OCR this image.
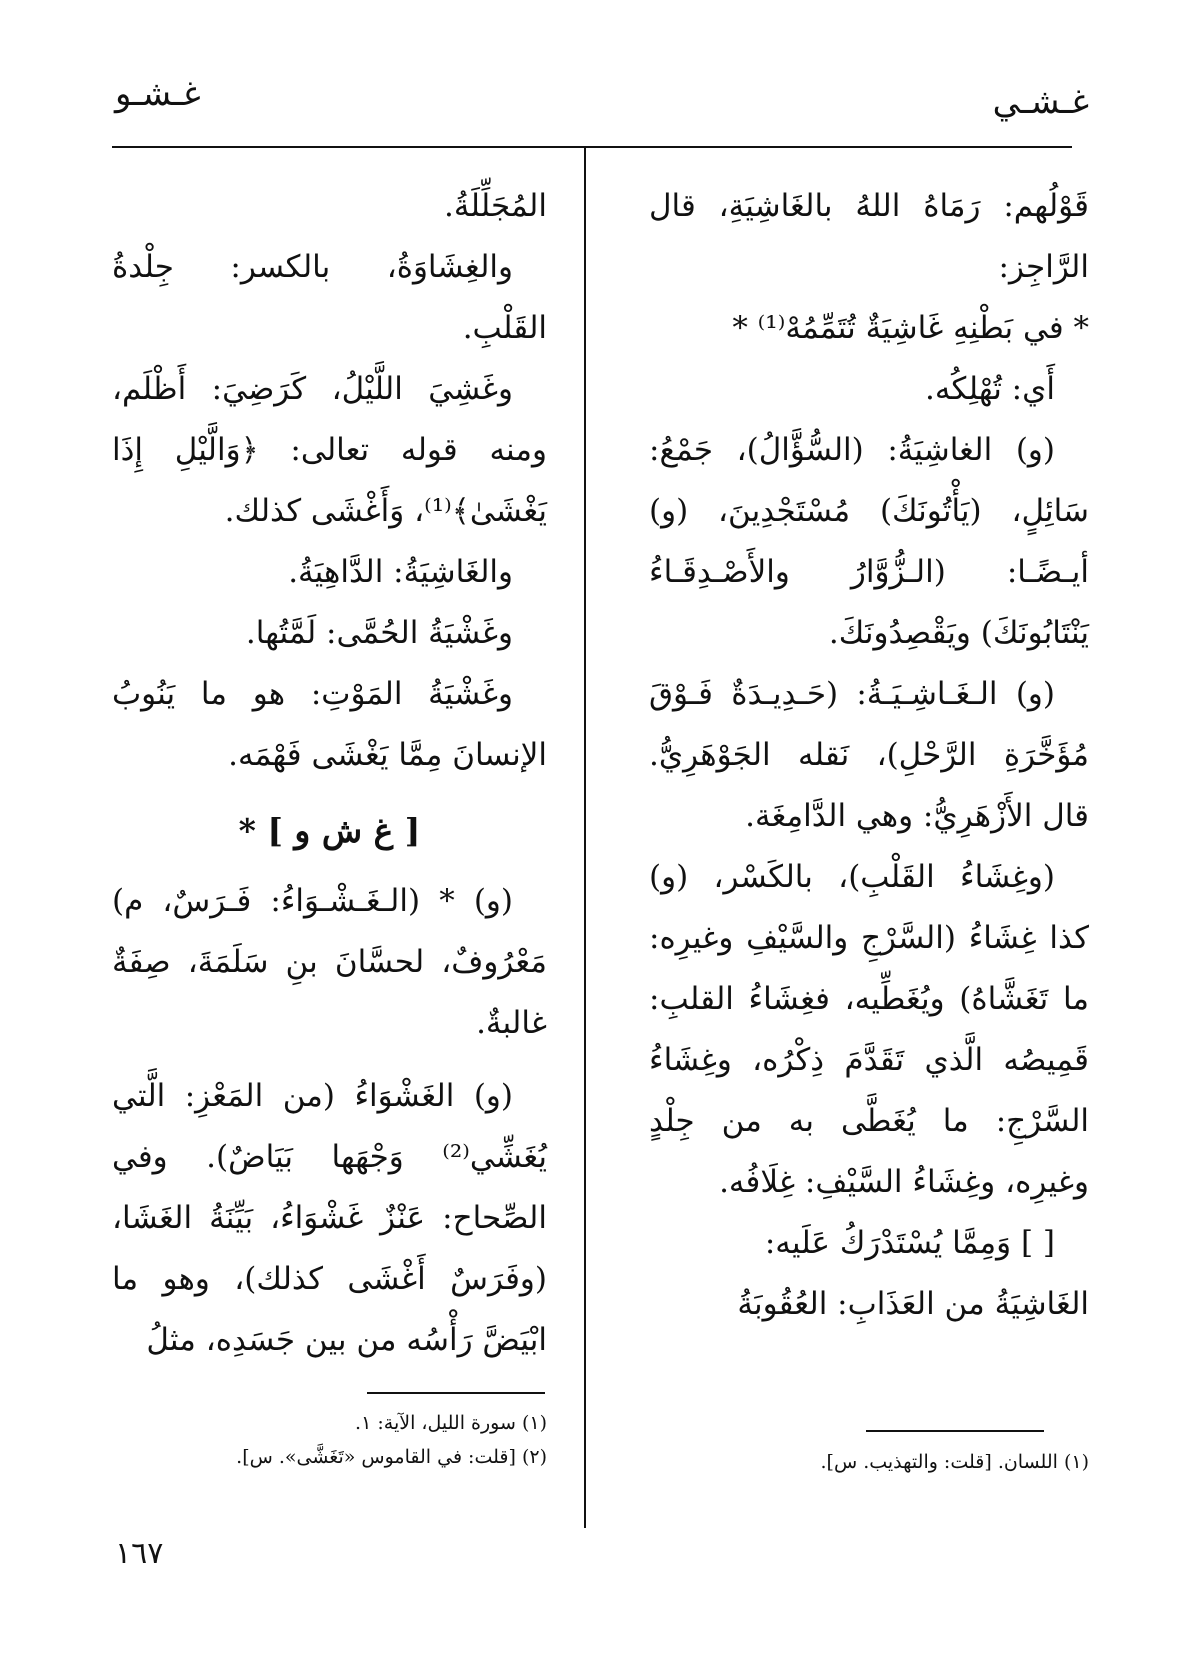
غـشـي
غـشـو

قَوْلُهم: رَمَاهُ اللهُ بالغَاشِيَةِ، قال الرَّاجِز:

* في بَطْنِهِ غَاشِيَةٌ تُتَمِّمُهْ⁽¹⁾ *

أَي: تُهْلِكُه.

(و) الغاشِيَةُ: (السُّؤَّالُ)، جَمْعُ: سَائِلٍ، (يَأْتُونَكَ) مُسْتَجْدِينَ، (و) أيـضًـا: (الـزُّوَّارُ والأَصْـدِقَـاءُ يَنْتَابُونَكَ) ويَقْصِدُونَكَ.

(و) الـغَـاشِـيَـةُ: (حَـدِيـدَةٌ فَـوْقَ مُؤَخَّرَةِ الرَّحْلِ)، نَقله الجَوْهَرِيُّ. قال الأَزْهَرِيُّ: وهي الدَّامِغَة.

(وغِشَاءُ القَلْبِ)، بالكَسْر، (و) كذا غِشَاءُ (السَّرْجِ والسَّيْفِ وغيرِه: ما تَغَشَّاهُ) ويُغَطِّيه، فغِشَاءُ القلبِ: قَمِيصُه الَّذي تَقَدَّمَ ذِكْرُه، وغِشَاءُ السَّرْجِ: ما يُغَطَّى به من جِلْدٍ وغيرِه، وغِشَاءُ السَّيْفِ: غِلَافُه.

[ ] وَمِمَّا يُسْتَدْرَكُ عَلَيه:

الغَاشِيَةُ من العَذَابِ: العُقُوبَةُ

المُجَلِّلَةُ.

والغِشَاوَةُ، بالكسر: جِلْدةُ القَلْبِ.

وغَشِيَ اللَّيْلُ، كَرَضِيَ: أَظْلَم، ومنه قوله تعالى: ﴿وَالَّيْلِ إِذَا يَغْشَىٰ﴾⁽¹⁾، وَأَغْشَى كذلك.

والغَاشِيَةُ: الدَّاهِيَةُ.

وغَشْيَةُ الحُمَّى: لَمَّتُها.

وغَشْيَةُ المَوْتِ: هو ما يَنُوبُ الإنسانَ مِمَّا يَغْشَى فَهْمَه.

[ غ ش و ] *

(و) * (الـغَـشْـوَاءُ: فَـرَسٌ، م) مَعْرُوفٌ، لحسَّانَ بنِ سَلَمَةَ، صِفَةٌ غالبةٌ.

(و) الغَشْوَاءُ (من المَعْزِ: الَّتي يُغَشِّي⁽²⁾ وَجْهَها بَيَاضٌ). وفي الصِّحاح: عَنْزٌ غَشْوَاءُ، بَيِّنَةُ الغَشَا، (وفَرَسٌ أَغْشَى كذلك)، وهو ما ابْيَضَّ رَأْسُه من بين جَسَدِه، مثلُ

(١) اللسان. [قلت: والتهذيب. س].

(١) سورة الليل، الآية: ١.

(٢) [قلت: في القاموس «تَغَشَّى». س].

١٦٧
